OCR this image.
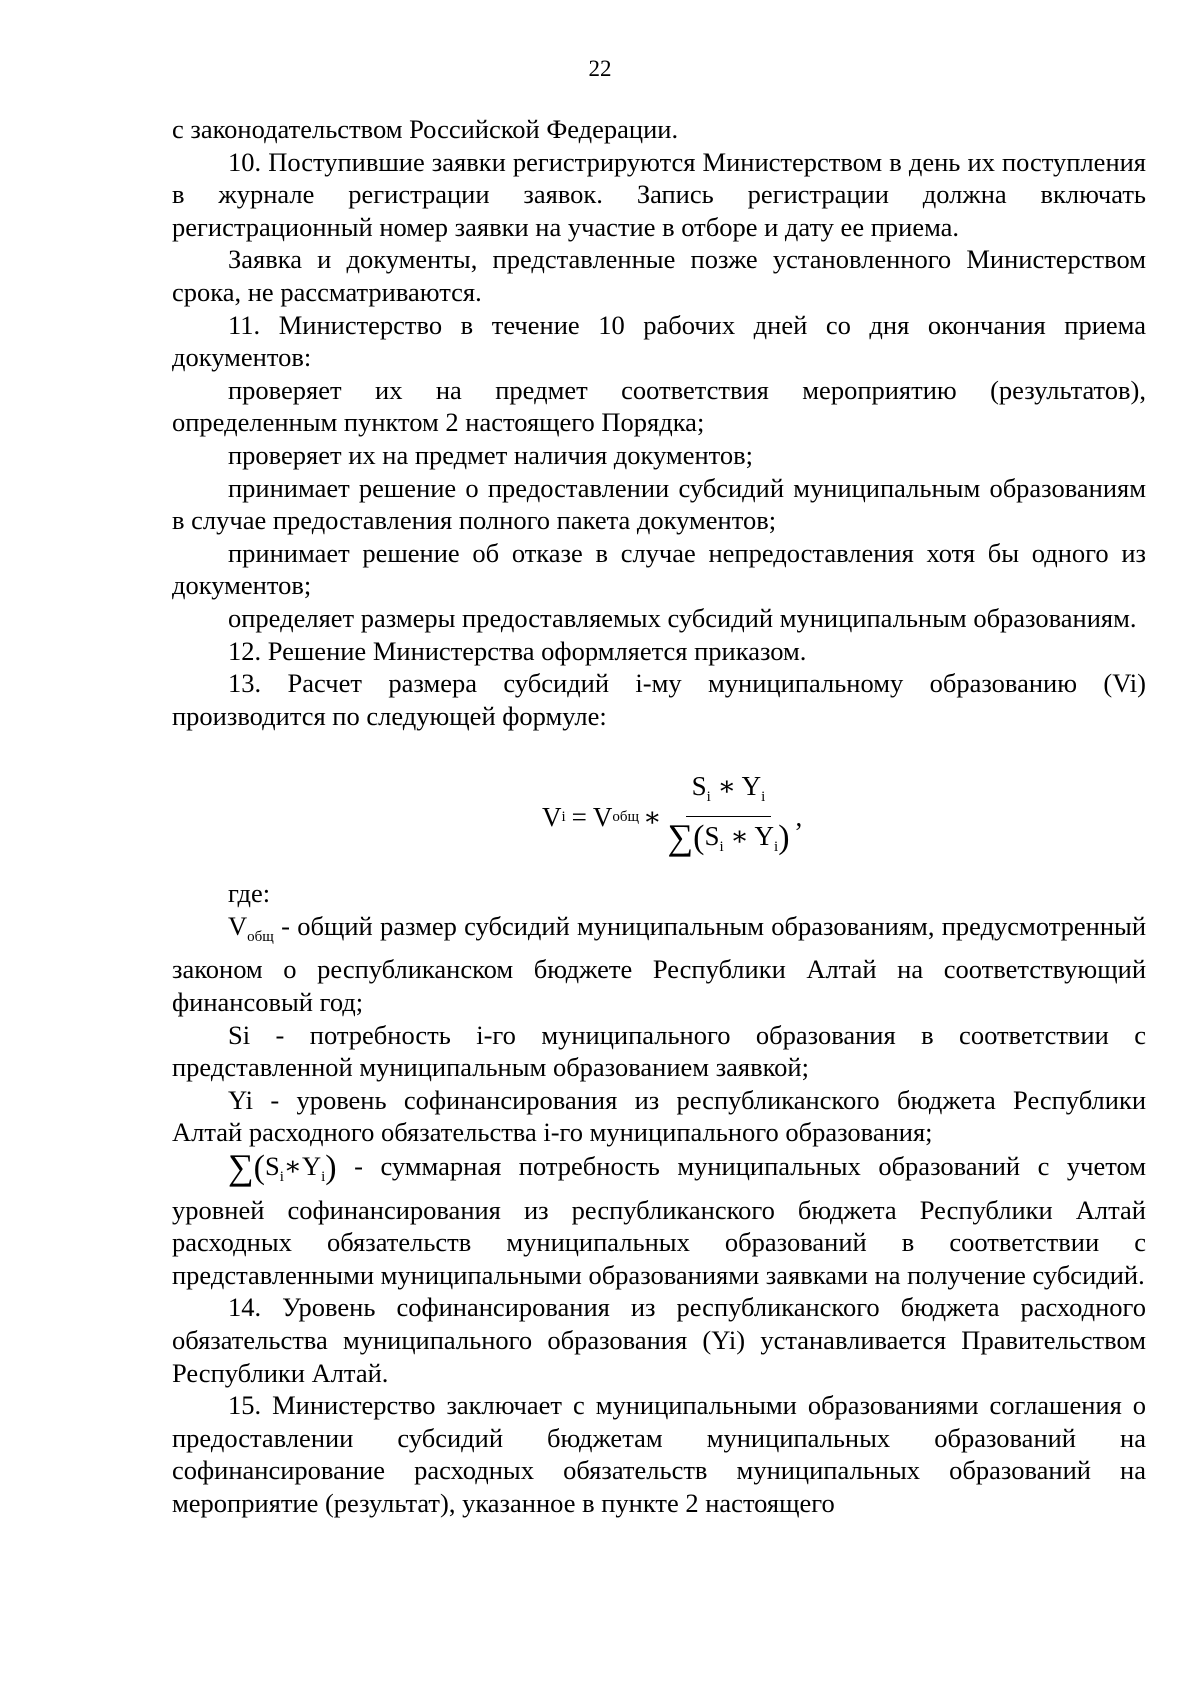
22

с законодательством Российской Федерации.

10. Поступившие заявки регистрируются Министерством в день их поступления в журнале регистрации заявок. Запись регистрации должна включать регистрационный номер заявки на участие в отборе и дату ее приема.

Заявка и документы, представленные позже установленного Министерством срока, не рассматриваются.

11. Министерство в течение 10 рабочих дней со дня окончания приема документов:

проверяет их на предмет соответствия мероприятию (результатов), определенным пунктом 2 настоящего Порядка;

проверяет их на предмет наличия документов;

принимает решение о предоставлении субсидий муниципальным образованиям в случае предоставления полного пакета документов;

принимает решение об отказе в случае непредоставления хотя бы одного из документов;

определяет размеры предоставляемых субсидий муниципальным образованиям.

12. Решение Министерства оформляется приказом.

13. Расчет размера субсидий i-му муниципальному образованию (Vi) производится по следующей формуле:

V i = V общ ∗ $\frac{S_i ∗ Y_i}{\sum(S_i ∗ Y_i)}$ ,

где:

$V_{общ}$ - общий размер субсидий муниципальным образованиям, предусмотренный законом о республиканском бюджете Республики Алтай на соответствующий финансовый год;

Si - потребность i-го муниципального образования в соответствии с представленной муниципальным образованием заявкой;

Yi - уровень софинансирования из республиканского бюджета Республики Алтай расходного обязательства i-го муниципального образования;

$\sum(S_i∗Y_i)$ - суммарная потребность муниципальных образований с учетом уровней софинансирования из республиканского бюджета Республики Алтай расходных обязательств муниципальных образований в соответствии с представленными муниципальными образованиями заявками на получение субсидий.

14. Уровень софинансирования из республиканского бюджета расходного обязательства муниципального образования (Yi) устанавливается Правительством Республики Алтай.

15. Министерство заключает с муниципальными образованиями соглашения о предоставлении субсидий бюджетам муниципальных образований на софинансирование расходных обязательств муниципальных образований на мероприятие (результат), указанное в пункте 2 настоящего
